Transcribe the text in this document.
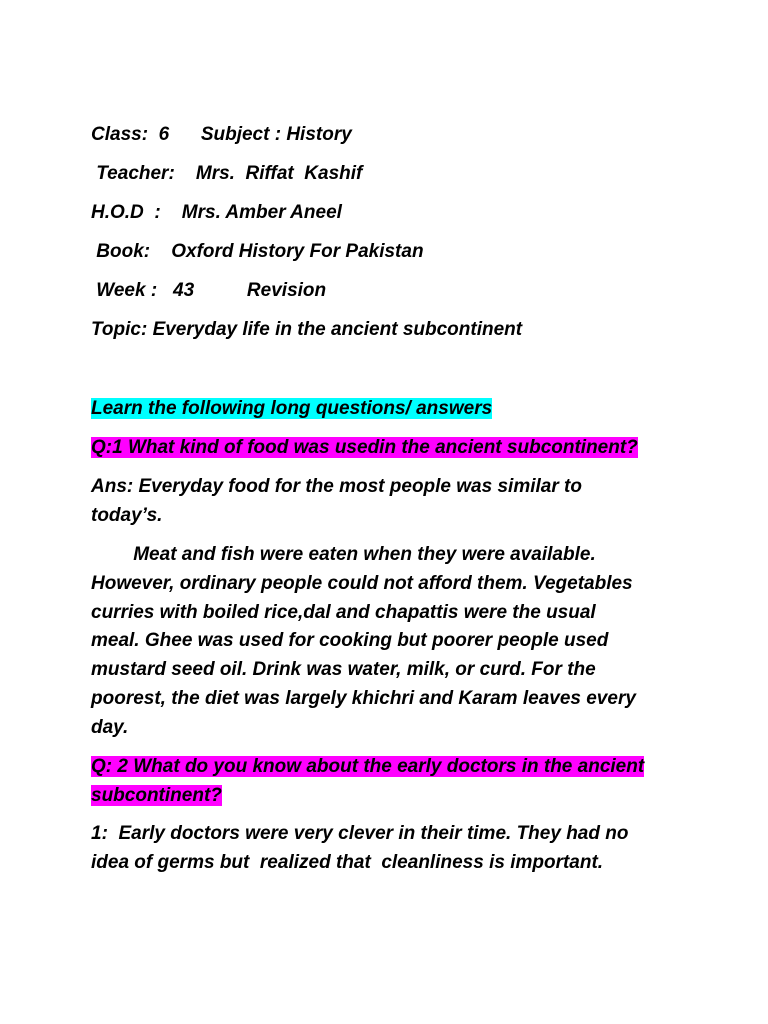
Class:  6      Subject : History
Teacher:    Mrs.  Riffat  Kashif
H.O.D  :    Mrs. Amber Aneel
Book:    Oxford History For Pakistan
Week :   43          Revision
Topic: Everyday life in the ancient subcontinent
Learn the following long questions/ answers
Q:1 What kind of food was usedin the ancient subcontinent?
Ans: Everyday food for the most people was similar to
today’s.
Meat and fish were eaten when they were available.
However, ordinary people could not afford them. Vegetables
curries with boiled rice,dal and chapattis were the usual
meal. Ghee was used for cooking but poorer people used
mustard seed oil. Drink was water, milk, or curd. For the
poorest, the diet was largely khichri and Karam leaves every
day.
Q: 2 What do you know about the early doctors in the ancient
subcontinent?
1:  Early doctors were very clever in their time. They had no
idea of germs but  realized that  cleanliness is important.
